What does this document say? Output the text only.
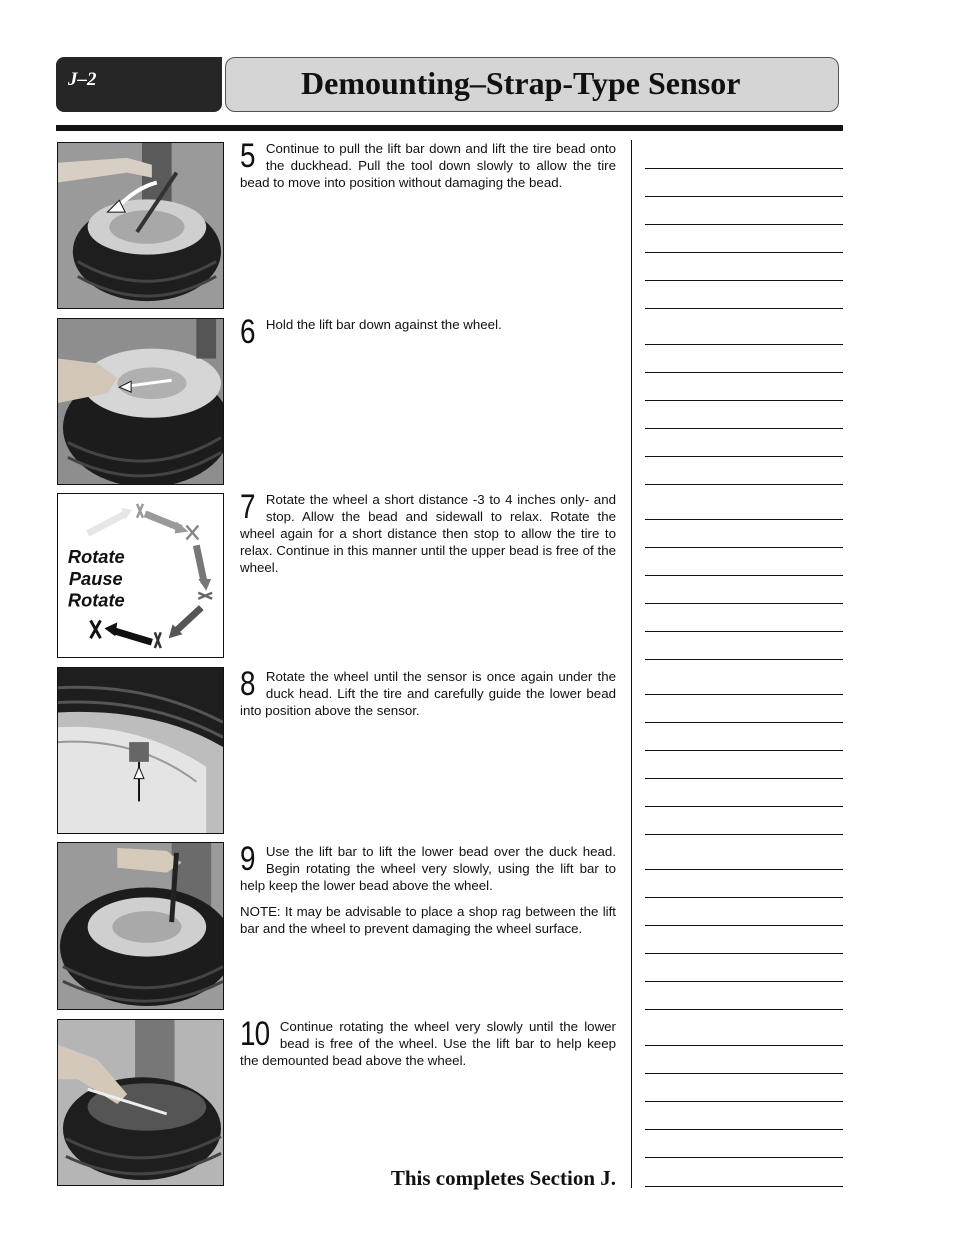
J–2	Demounting–Strap-Type Sensor
Rotate
Pause
Rotate
5 Continue to pull the lift bar down and lift the tire bead onto the duckhead. Pull the tool down slowly to allow the tire bead to move into position without damaging the bead.
6 Hold the lift bar down against the wheel.
7 Rotate the wheel a short distance -3 to 4 inches only- and stop. Allow the bead and sidewall to relax. Rotate the wheel again for a short distance then stop to allow the tire to relax. Continue in this manner until the upper bead is free of the wheel.
8 Rotate the wheel until the sensor is once again under the duck head. Lift the tire and carefully guide the lower bead into position above the sensor.

9 Use the lift bar to lift the lower bead over the duck head. Begin rotating the wheel very slowly, using the lift bar to help keep the lower bead above the wheel.

NOTE: It may be advisable to place a shop rag between the lift bar and the wheel to prevent damaging the wheel surface.

10 Continue rotating the wheel very slowly until the lower bead is free of the wheel. Use the lift bar to help keep the demounted bead above the wheel.
This completes Section J.
